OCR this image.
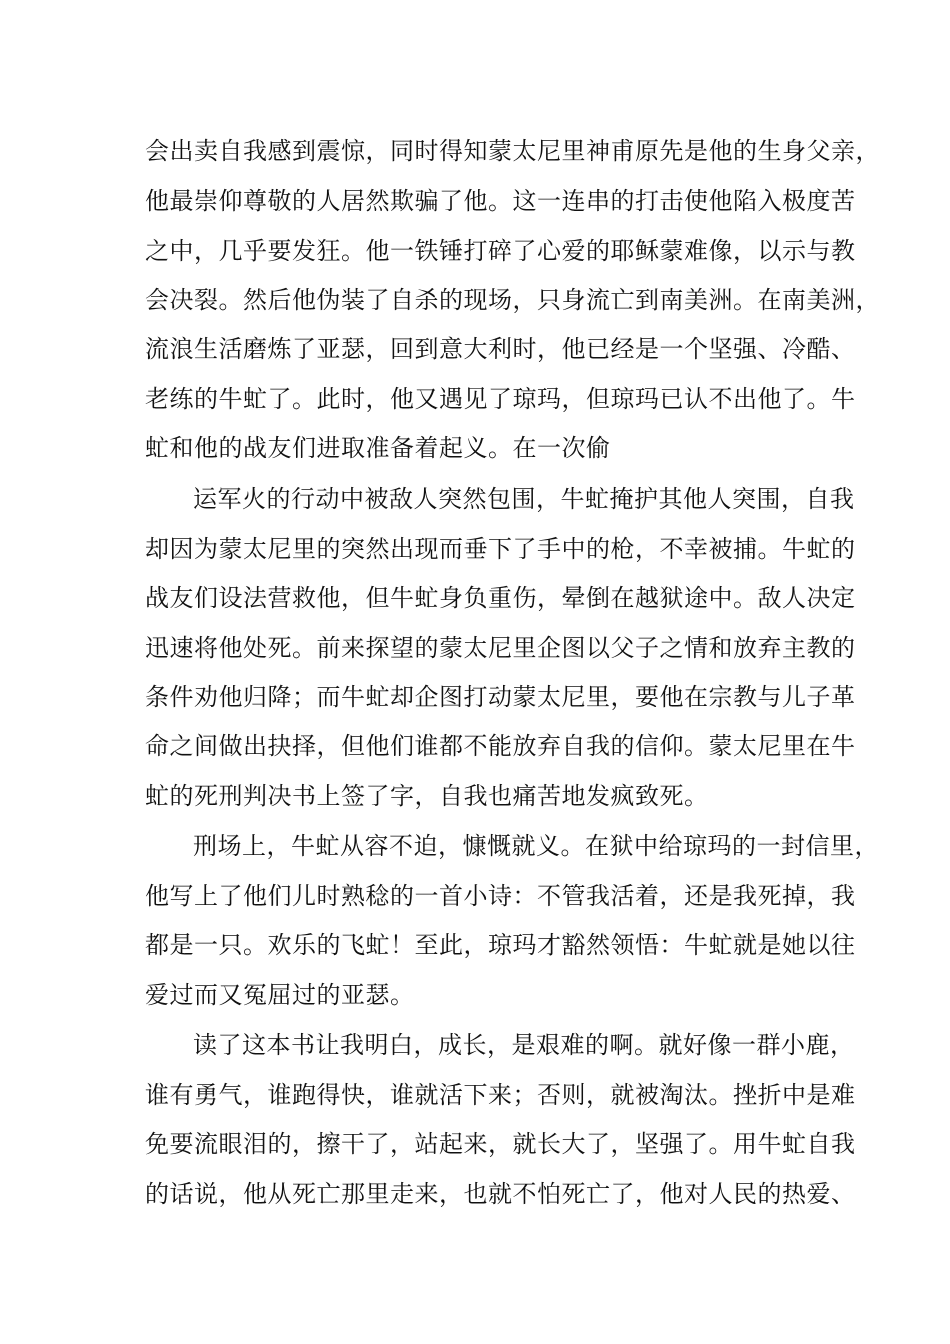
会出卖自我感到震惊，同时得知蒙太尼里神甫原先是他的生身父亲，
他最崇仰尊敬的人居然欺骗了他。这一连串的打击使他陷入极度苦
之中，几乎要发狂。他一铁锤打碎了心爱的耶稣蒙难像，以示与教
会决裂。然后他伪装了自杀的现场，只身流亡到南美洲。在南美洲，
流浪生活磨炼了亚瑟，回到意大利时，他已经是一个坚强、冷酷、
老练的牛虻了。此时，他又遇见了琼玛，但琼玛已认不出他了。牛
虻和他的战友们进取准备着起义。在一次偷
运军火的行动中被敌人突然包围，牛虻掩护其他人突围，自我
却因为蒙太尼里的突然出现而垂下了手中的枪，不幸被捕。牛虻的
战友们设法营救他，但牛虻身负重伤，晕倒在越狱途中。敌人决定
迅速将他处死。前来探望的蒙太尼里企图以父子之情和放弃主教的
条件劝他归降；而牛虻却企图打动蒙太尼里，要他在宗教与儿子革
命之间做出抉择，但他们谁都不能放弃自我的信仰。蒙太尼里在牛
虻的死刑判决书上签了字，自我也痛苦地发疯致死。
刑场上，牛虻从容不迫，慷慨就义。在狱中给琼玛的一封信里，
他写上了他们儿时熟稔的一首小诗：不管我活着，还是我死掉，我
都是一只。欢乐的飞虻！至此，琼玛才豁然领悟：牛虻就是她以往
爱过而又冤屈过的亚瑟。
读了这本书让我明白，成长，是艰难的啊。就好像一群小鹿，
谁有勇气，谁跑得快，谁就活下来；否则，就被淘汰。挫折中是难
免要流眼泪的，擦干了，站起来，就长大了，坚强了。用牛虻自我
的话说，他从死亡那里走来，也就不怕死亡了，他对人民的热爱、
